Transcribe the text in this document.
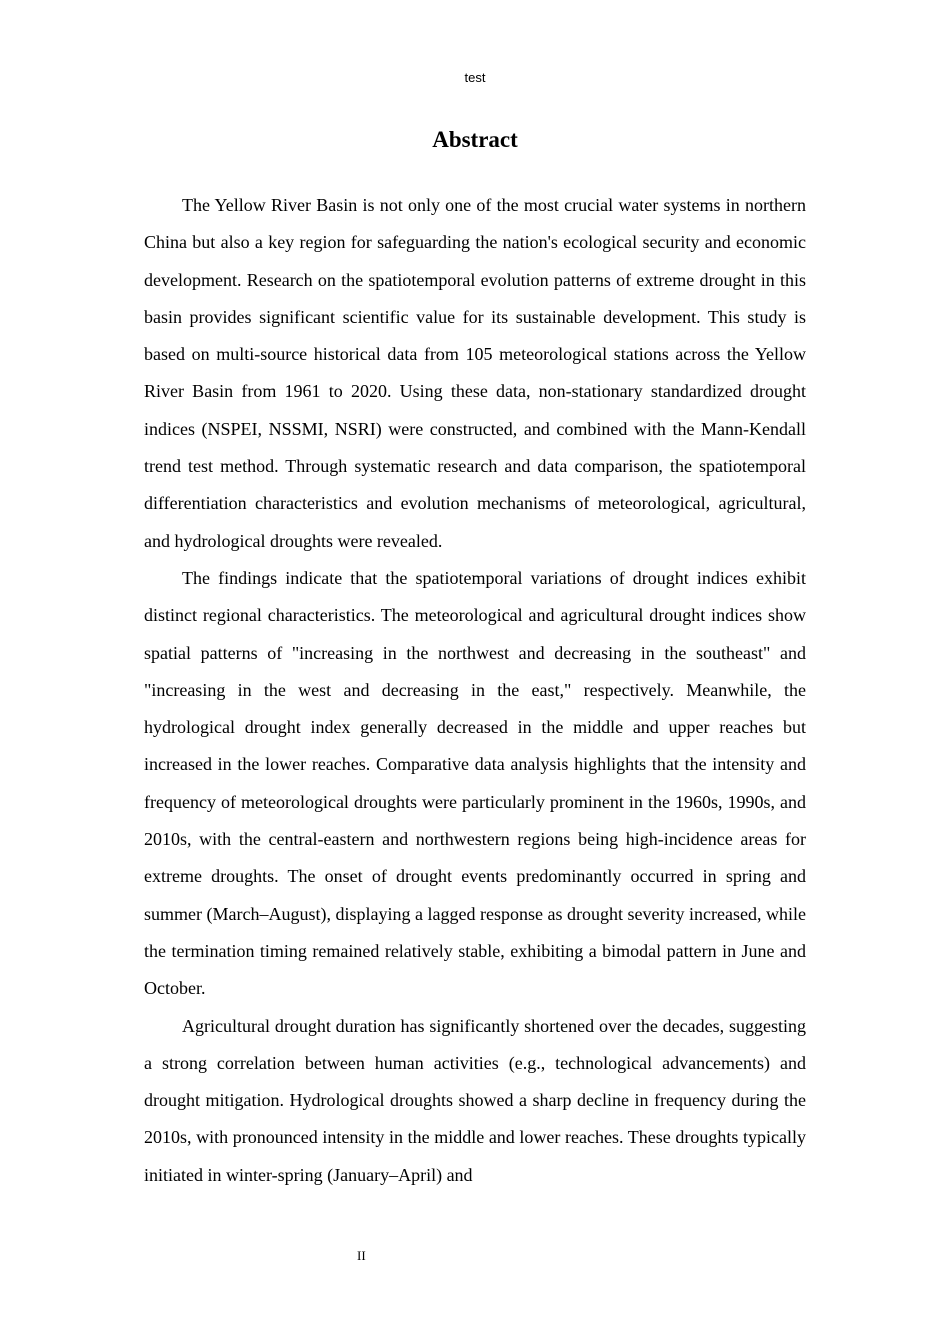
test
Abstract

The Yellow River Basin is not only one of the most crucial water systems in northern China but also a key region for safeguarding the nation's ecological security and economic development. Research on the spatiotemporal evolution patterns of extreme drought in this basin provides significant scientific value for its sustainable development. This study is based on multi-source historical data from 105 meteorological stations across the Yellow River Basin from 1961 to 2020. Using these data, non-stationary standardized drought indices (NSPEI, NSSMI, NSRI) were constructed, and combined with the Mann-Kendall trend test method. Through systematic research and data comparison, the spatiotemporal differentiation characteristics and evolution mechanisms of meteorological, agricultural, and hydrological droughts were revealed.

The findings indicate that the spatiotemporal variations of drought indices exhibit distinct regional characteristics. The meteorological and agricultural drought indices show spatial patterns of "increasing in the northwest and decreasing in the southeast" and "increasing in the west and decreasing in the east," respectively. Meanwhile, the hydrological drought index generally decreased in the middle and upper reaches but increased in the lower reaches. Comparative data analysis highlights that the intensity and frequency of meteorological droughts were particularly prominent in the 1960s, 1990s, and 2010s, with the central-eastern and northwestern regions being high-incidence areas for extreme droughts. The onset of drought events predominantly occurred in spring and summer (March–August), displaying a lagged response as drought severity increased, while the termination timing remained relatively stable, exhibiting a bimodal pattern in June and October.

Agricultural drought duration has significantly shortened over the decades, suggesting a strong correlation between human activities (e.g., technological advancements) and drought mitigation. Hydrological droughts showed a sharp decline in frequency during the 2010s, with pronounced intensity in the middle and lower reaches. These droughts typically initiated in winter-spring (January–April) and

II
